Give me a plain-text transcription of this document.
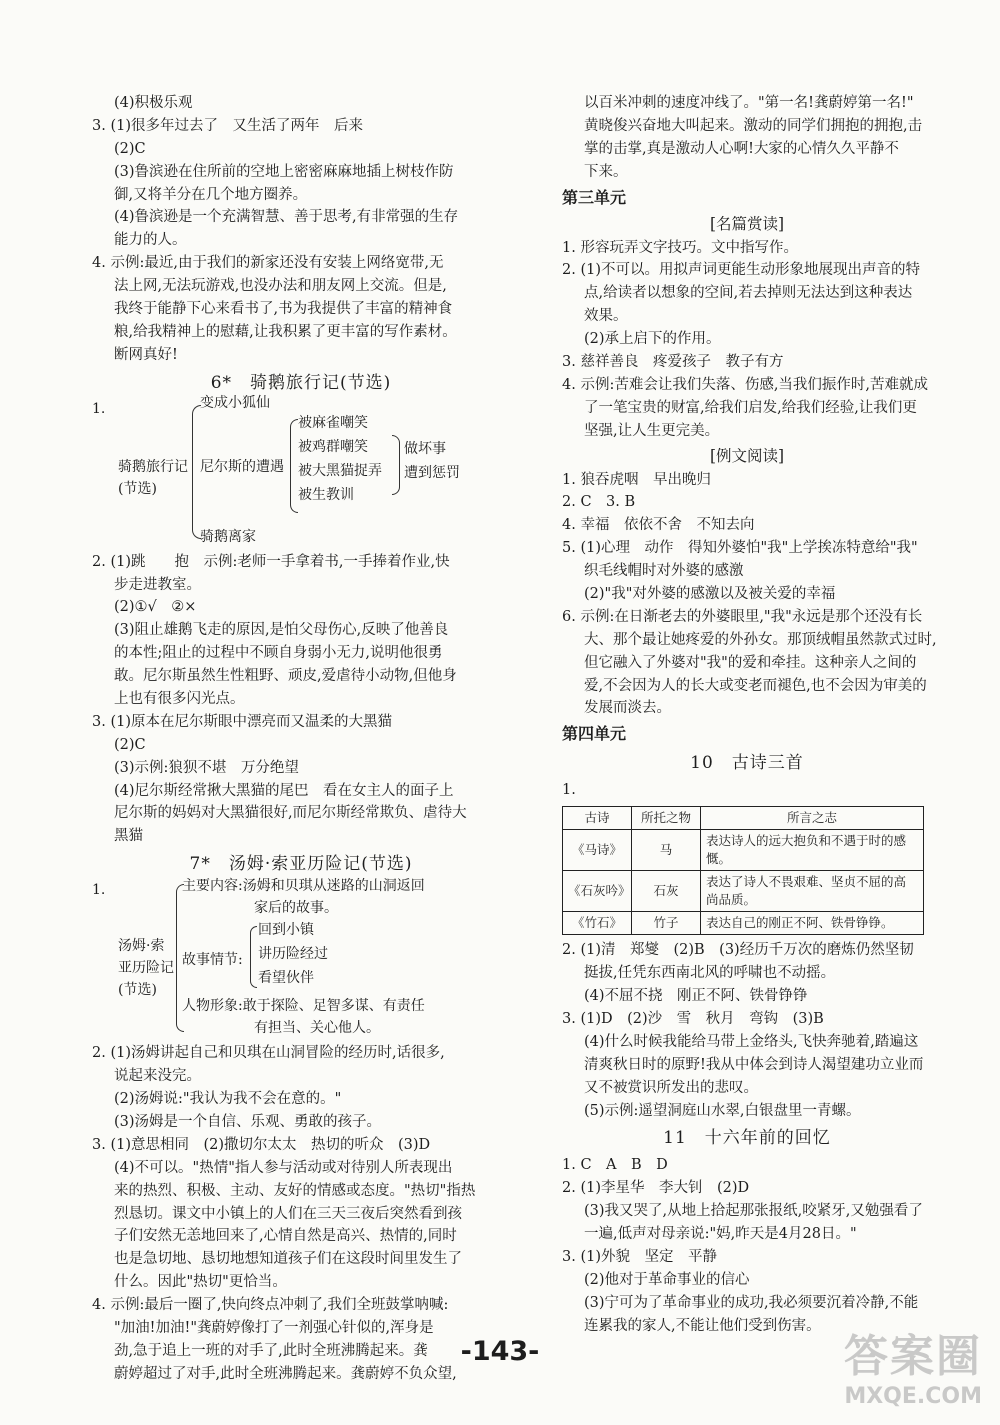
(4)积极乐观
3. (1)很多年过去了　又生活了两年　后来
(2)C
(3)鲁滨逊在住所前的空地上密密麻麻地插上树枝作防
御,又将羊分在几个地方圈养。
(4)鲁滨逊是一个充满智慧、善于思考,有非常强的生存
能力的人。
4. 示例:最近,由于我们的新家还没有安装上网络宽带,无
法上网,无法玩游戏,也没办法和朋友网上交流。但是,
我终于能静下心来看书了,书为我提供了丰富的精神食
粮,给我精神上的慰藉,让我积累了更丰富的写作素材。
断网真好!
6*　骑鹅旅行记(节选)
1.
骑鹅旅行记
(节选)
变成小狐仙
尼尔斯的遭遇
骑鹅离家
被麻雀嘲笑
被鸡群嘲笑
被大黑猫捉弄
被生教训
做坏事
遭到惩罚
2. (1)跳　　抱　示例:老师一手拿着书,一手捧着作业,快
步走进教室。
(2)①√　②×
(3)阻止雄鹅飞走的原因,是怕父母伤心,反映了他善良
的本性;阻止的过程中不顾自身弱小无力,说明他很勇
敢。尼尔斯虽然生性粗野、顽皮,爱虐待小动物,但他身
上也有很多闪光点。
3. (1)原本在尼尔斯眼中漂亮而又温柔的大黑猫
(2)C
(3)示例:狼狈不堪　万分绝望
(4)尼尔斯经常揪大黑猫的尾巴　看在女主人的面子上
尼尔斯的妈妈对大黑猫很好,而尼尔斯经常欺负、虐待大
黑猫
7*　汤姆·索亚历险记(节选)
1.
汤姆·索
亚历险记
(节选)
主要内容:汤姆和贝琪从迷路的山洞返回
家后的故事。
故事情节:
回到小镇
讲历险经过
看望伙伴
人物形象:敢于探险、足智多谋、有责任
有担当、关心他人。
2. (1)汤姆讲起自己和贝琪在山洞冒险的经历时,话很多,
说起来没完。
(2)汤姆说:"我认为我不会在意的。"
(3)汤姆是一个自信、乐观、勇敢的孩子。
3. (1)意思相同　(2)撒切尔太太　热切的听众　(3)D
(4)不可以。"热情"指人参与活动或对待别人所表现出
来的热烈、积极、主动、友好的情感或态度。"热切"指热
烈恳切。课文中小镇上的人们在三天三夜后突然看到孩
子们安然无恙地回来了,心情自然是高兴、热情的,同时
也是急切地、恳切地想知道孩子们在这段时间里发生了
什么。因此"热切"更恰当。
4. 示例:最后一圈了,快向终点冲刺了,我们全班鼓掌呐喊:
"加油!加油!"龚蔚婷像打了一剂强心针似的,浑身是
劲,急于追上一班的对手了,此时全班沸腾起来。龚
蔚婷超过了对手,此时全班沸腾起来。龚蔚婷不负众望,
以百米冲刺的速度冲线了。"第一名!龚蔚婷第一名!"
黄晓俊兴奋地大叫起来。激动的同学们拥抱的拥抱,击
掌的击掌,真是激动人心啊!大家的心情久久平静不
下来。
第三单元
[名篇赏读]
1. 形容玩弄文字技巧。文中指写作。
2. (1)不可以。用拟声词更能生动形象地展现出声音的特
点,给读者以想象的空间,若去掉则无法达到这种表达
效果。
(2)承上启下的作用。
3. 慈祥善良　疼爱孩子　教子有方
4. 示例:苦难会让我们失落、伤感,当我们振作时,苦难就成
了一笔宝贵的财富,给我们启发,给我们经验,让我们更
坚强,让人生更完美。
[例文阅读]
1. 狼吞虎咽　早出晚归
2. C　3. B
4. 幸福　依依不舍　不知去向
5. (1)心理　动作　得知外婆怕"我"上学挨冻特意给"我"
织毛线帽时对外婆的感激
(2)"我"对外婆的感激以及被关爱的幸福
6. 示例:在日渐老去的外婆眼里,"我"永远是那个还没有长
大、那个最让她疼爱的外孙女。那顶绒帽虽然款式过时,
但它融入了外婆对"我"的爱和牵挂。这种亲人之间的
爱,不会因为人的长大或变老而褪色,也不会因为审美的
发展而淡去。
第四单元
10　古诗三首
1.
古诗	所托之物	所言之志
《马诗》	马	表达诗人的远大抱负和不遇于时的感慨。
《石灰吟》	石灰	表达了诗人不畏艰难、坚贞不屈的高尚品质。
《竹石》	竹子	表达自己的刚正不阿、铁骨铮铮。
2. (1)清　郑燮　(2)B　(3)经历千万次的磨炼仍然坚韧
挺拔,任凭东西南北风的呼啸也不动摇。
(4)不屈不挠　刚正不阿、铁骨铮铮
3. (1)D　(2)沙　雪　秋月　弯钩　(3)B
(4)什么时候我能给马带上金络头,飞快奔驰着,踏遍这
清爽秋日时的原野!我从中体会到诗人渴望建功立业而
又不被赏识所发出的悲叹。
(5)示例:遥望洞庭山水翠,白银盘里一青螺。
11　十六年前的回忆
1. C　A　B　D
2. (1)李星华　李大钊　(2)D
(3)我又哭了,从地上拾起那张报纸,咬紧牙,又勉强看了
一遍,低声对母亲说:"妈,昨天是4月28日。"
3. (1)外貌　坚定　平静
(2)他对于革命事业的信心
(3)宁可为了革命事业的成功,我必须要沉着冷静,不能
连累我的家人,不能让他们受到伤害。
-143-	答案圈
MXQE.COM
